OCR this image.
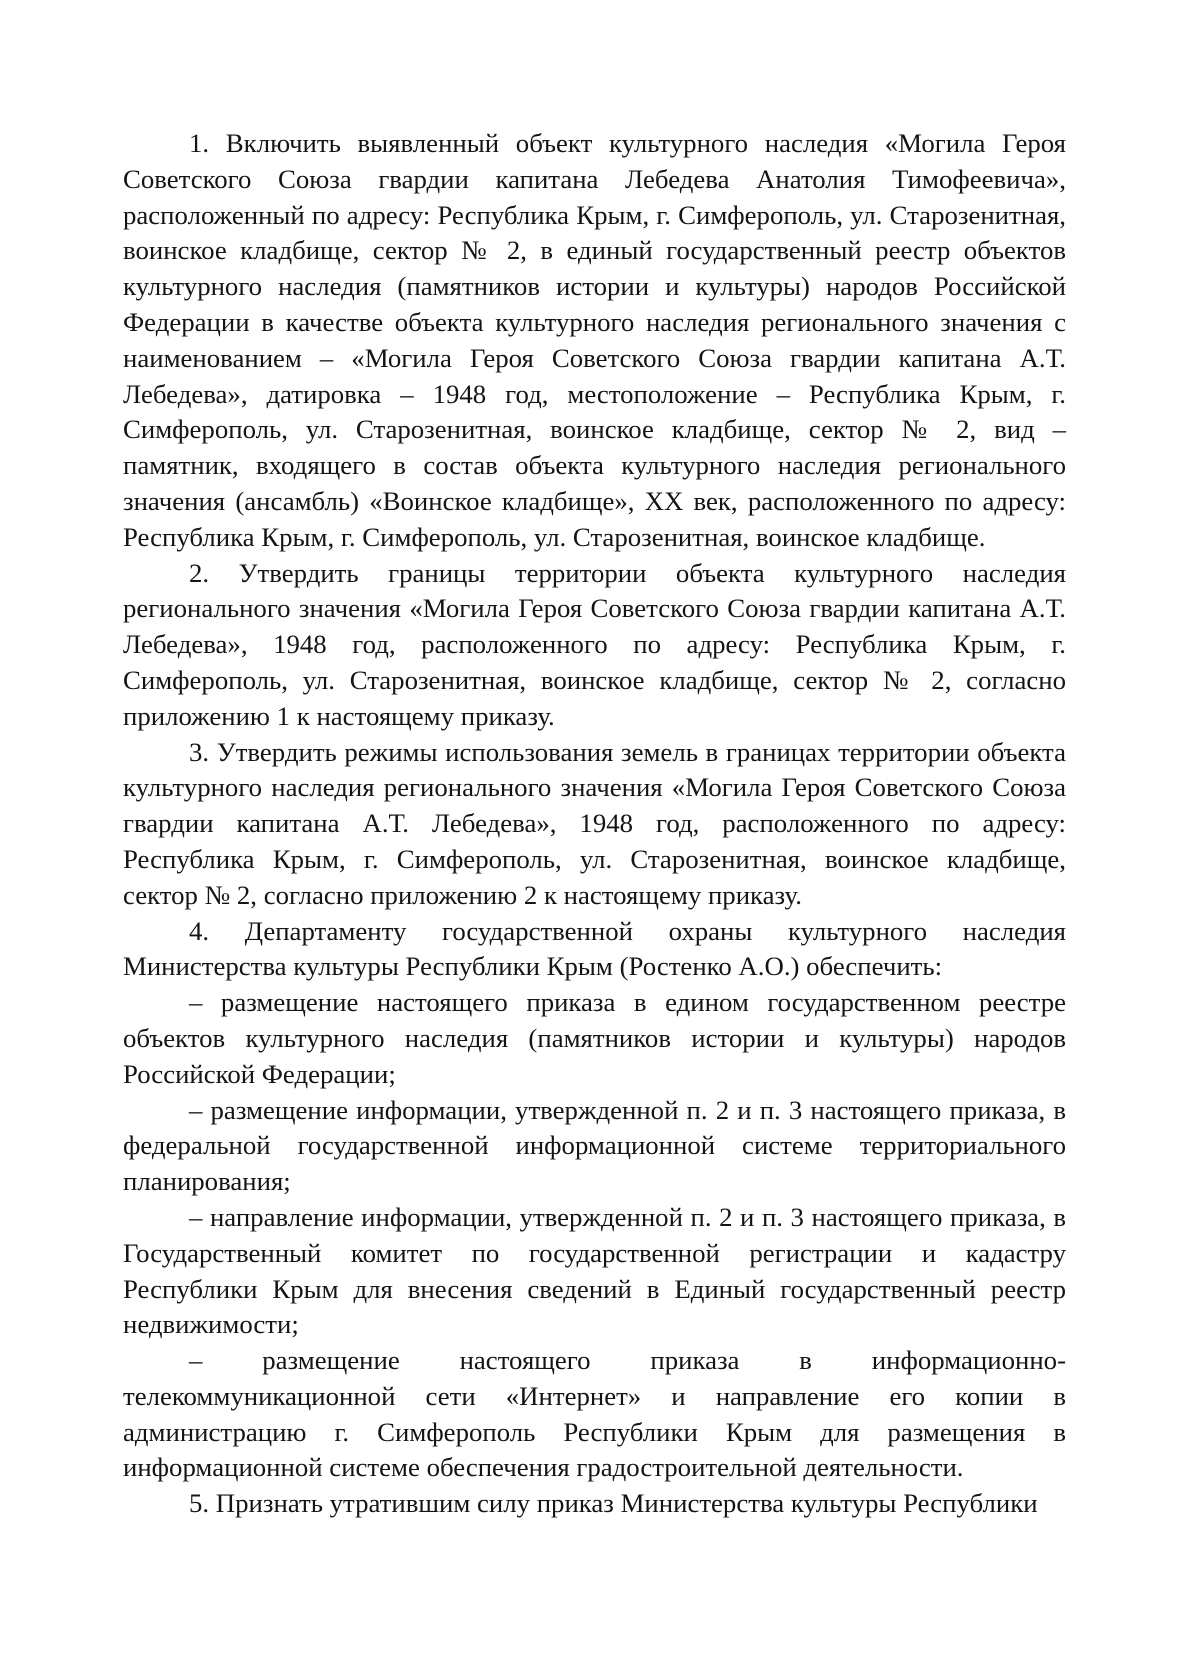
1. Включить выявленный объект культурного наследия «Могила Героя Советского Союза гвардии капитана Лебедева Анатолия Тимофеевича», расположенный по адресу: Республика Крым, г. Симферополь, ул. Старозенитная, воинское кладбище, сектор № 2, в единый государственный реестр объектов культурного наследия (памятников истории и культуры) народов Российской Федерации в качестве объекта культурного наследия регионального значения с наименованием – «Могила Героя Советского Союза гвардии капитана А.Т. Лебедева», датировка – 1948 год, местоположение – Республика Крым, г. Симферополь, ул. Старозенитная, воинское кладбище, сектор № 2, вид – памятник, входящего в состав объекта культурного наследия регионального значения (ансамбль) «Воинское кладбище», XX век, расположенного по адресу: Республика Крым, г. Симферополь, ул. Старозенитная, воинское кладбище.

2. Утвердить границы территории объекта культурного наследия регионального значения «Могила Героя Советского Союза гвардии капитана А.Т. Лебедева», 1948 год, расположенного по адресу: Республика Крым, г. Симферополь, ул. Старозенитная, воинское кладбище, сектор № 2, согласно приложению 1 к настоящему приказу.

3. Утвердить режимы использования земель в границах территории объекта культурного наследия регионального значения «Могила Героя Советского Союза гвардии капитана А.Т. Лебедева», 1948 год, расположенного по адресу: Республика Крым, г. Симферополь, ул. Старозенитная, воинское кладбище, сектор № 2, согласно приложению 2 к настоящему приказу.

4. Департаменту государственной охраны культурного наследия Министерства культуры Республики Крым (Ростенко А.О.) обеспечить:

– размещение настоящего приказа в едином государственном реестре объектов культурного наследия (памятников истории и культуры) народов Российской Федерации;

– размещение информации, утвержденной п. 2 и п. 3 настоящего приказа, в федеральной государственной информационной системе территориального планирования;

– направление информации, утвержденной п. 2 и п. 3 настоящего приказа, в Государственный комитет по государственной регистрации и кадастру Республики Крым для внесения сведений в Единый государственный реестр недвижимости;

– размещение настоящего приказа в информационно-телекоммуникационной сети «Интернет» и направление его копии в администрацию г. Симферополь Республики Крым для размещения в информационной системе обеспечения градостроительной деятельности.

5. Признать утратившим силу приказ Министерства культуры Республики
